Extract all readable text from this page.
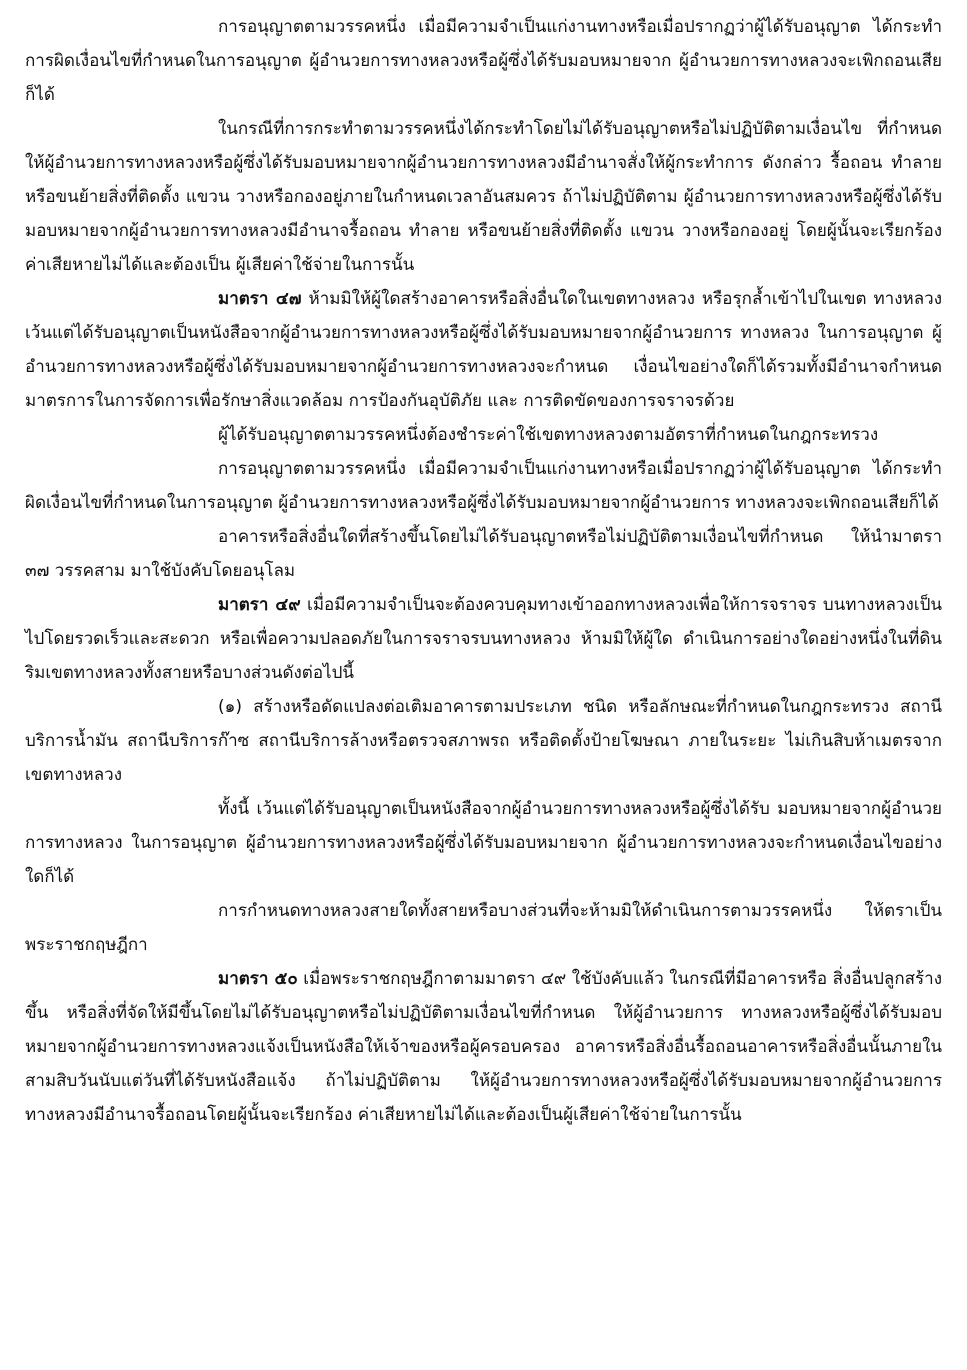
การอนุญาตตามวรรคหนึ่ง เมื่อมีความจำเป็นแก่งานทางหรือเมื่อปรากฏว่าผู้ได้รับอนุญาต ได้กระทำการผิดเงื่อนไขที่กำหนดในการอนุญาต ผู้อำนวยการทางหลวงหรือผู้ซึ่งได้รับมอบหมายจาก ผู้อำนวยการทางหลวงจะเพิกถอนเสียก็ได้

ในกรณีที่การกระทำตามวรรคหนึ่งได้กระทำโดยไม่ได้รับอนุญาตหรือไม่ปฏิบัติตามเงื่อนไข ที่กำหนด ให้ผู้อำนวยการทางหลวงหรือผู้ซึ่งได้รับมอบหมายจากผู้อำนวยการทางหลวงมีอำนาจสั่งให้ผู้กระทำการ ดังกล่าว รื้อถอน ทำลาย หรือขนย้ายสิ่งที่ติดตั้ง แขวน วางหรือกองอยู่ภายในกำหนดเวลาอันสมควร ถ้าไม่ปฏิบัติตาม ผู้อำนวยการทางหลวงหรือผู้ซึ่งได้รับมอบหมายจากผู้อำนวยการทางหลวงมีอำนาจรื้อถอน ทำลาย หรือขนย้ายสิ่งที่ติดตั้ง แขวน วางหรือกองอยู่ โดยผู้นั้นจะเรียกร้องค่าเสียหายไม่ได้และต้องเป็น ผู้เสียค่าใช้จ่ายในการนั้น

มาตรา ๔๗ ห้ามมิให้ผู้ใดสร้างอาคารหรือสิ่งอื่นใดในเขตทางหลวง หรือรุกล้ำเข้าไปในเขต ทางหลวง เว้นแต่ได้รับอนุญาตเป็นหนังสือจากผู้อำนวยการทางหลวงหรือผู้ซึ่งได้รับมอบหมายจากผู้อำนวยการ ทางหลวง ในการอนุญาต ผู้อำนวยการทางหลวงหรือผู้ซึ่งได้รับมอบหมายจากผู้อำนวยการทางหลวงจะกำหนด เงื่อนไขอย่างใดก็ได้รวมทั้งมีอำนาจกำหนดมาตรการในการจัดการเพื่อรักษาสิ่งแวดล้อม การป้องกันอุบัติภัย และ การติดขัดของการจราจรด้วย

ผู้ได้รับอนุญาตตามวรรคหนึ่งต้องชำระค่าใช้เขตทางหลวงตามอัตราที่กำหนดในกฎกระทรวง

การอนุญาตตามวรรคหนึ่ง เมื่อมีความจำเป็นแก่งานทางหรือเมื่อปรากฏว่าผู้ได้รับอนุญาต ได้กระทำผิดเงื่อนไขที่กำหนดในการอนุญาต ผู้อำนวยการทางหลวงหรือผู้ซึ่งได้รับมอบหมายจากผู้อำนวยการ ทางหลวงจะเพิกถอนเสียก็ได้

อาคารหรือสิ่งอื่นใดที่สร้างขึ้นโดยไม่ได้รับอนุญาตหรือไม่ปฏิบัติตามเงื่อนไขที่กำหนด ให้นำมาตรา ๓๗ วรรคสาม มาใช้บังคับโดยอนุโลม

มาตรา ๔๙ เมื่อมีความจำเป็นจะต้องควบคุมทางเข้าออกทางหลวงเพื่อให้การจราจร บนทางหลวงเป็นไปโดยรวดเร็วและสะดวก หรือเพื่อความปลอดภัยในการจราจรบนทางหลวง ห้ามมิให้ผู้ใด ดำเนินการอย่างใดอย่างหนึ่งในที่ดินริมเขตทางหลวงทั้งสายหรือบางส่วนดังต่อไปนี้

(๑) สร้างหรือดัดแปลงต่อเติมอาคารตามประเภท ชนิด หรือลักษณะที่กำหนดในกฎกระทรวง สถานีบริการน้ำมัน สถานีบริการก๊าซ สถานีบริการล้างหรือตรวจสภาพรถ หรือติดตั้งป้ายโฆษณา ภายในระยะ ไม่เกินสิบห้าเมตรจากเขตทางหลวง

ทั้งนี้ เว้นแต่ได้รับอนุญาตเป็นหนังสือจากผู้อำนวยการทางหลวงหรือผู้ซึ่งได้รับ มอบหมายจากผู้อำนวยการทางหลวง ในการอนุญาต ผู้อำนวยการทางหลวงหรือผู้ซึ่งได้รับมอบหมายจาก ผู้อำนวยการทางหลวงจะกำหนดเงื่อนไขอย่างใดก็ได้

การกำหนดทางหลวงสายใดทั้งสายหรือบางส่วนที่จะห้ามมิให้ดำเนินการตามวรรคหนึ่ง ให้ตราเป็นพระราชกฤษฎีกา

มาตรา ๕๐ เมื่อพระราชกฤษฎีกาตามมาตรา ๔๙ ใช้บังคับแล้ว ในกรณีที่มีอาคารหรือ สิ่งอื่นปลูกสร้างขึ้น หรือสิ่งที่จัดให้มีขึ้นโดยไม่ได้รับอนุญาตหรือไม่ปฏิบัติตามเงื่อนไขที่กำหนด ให้ผู้อำนวยการ ทางหลวงหรือผู้ซึ่งได้รับมอบหมายจากผู้อำนวยการทางหลวงแจ้งเป็นหนังสือให้เจ้าของหรือผู้ครอบครอง อาคารหรือสิ่งอื่นรื้อถอนอาคารหรือสิ่งอื่นนั้นภายในสามสิบวันนับแต่วันที่ได้รับหนังสือแจ้ง ถ้าไม่ปฏิบัติตาม ให้ผู้อำนวยการทางหลวงหรือผู้ซึ่งได้รับมอบหมายจากผู้อำนวยการทางหลวงมีอำนาจรื้อถอนโดยผู้นั้นจะเรียกร้อง ค่าเสียหายไม่ได้และต้องเป็นผู้เสียค่าใช้จ่ายในการนั้น
